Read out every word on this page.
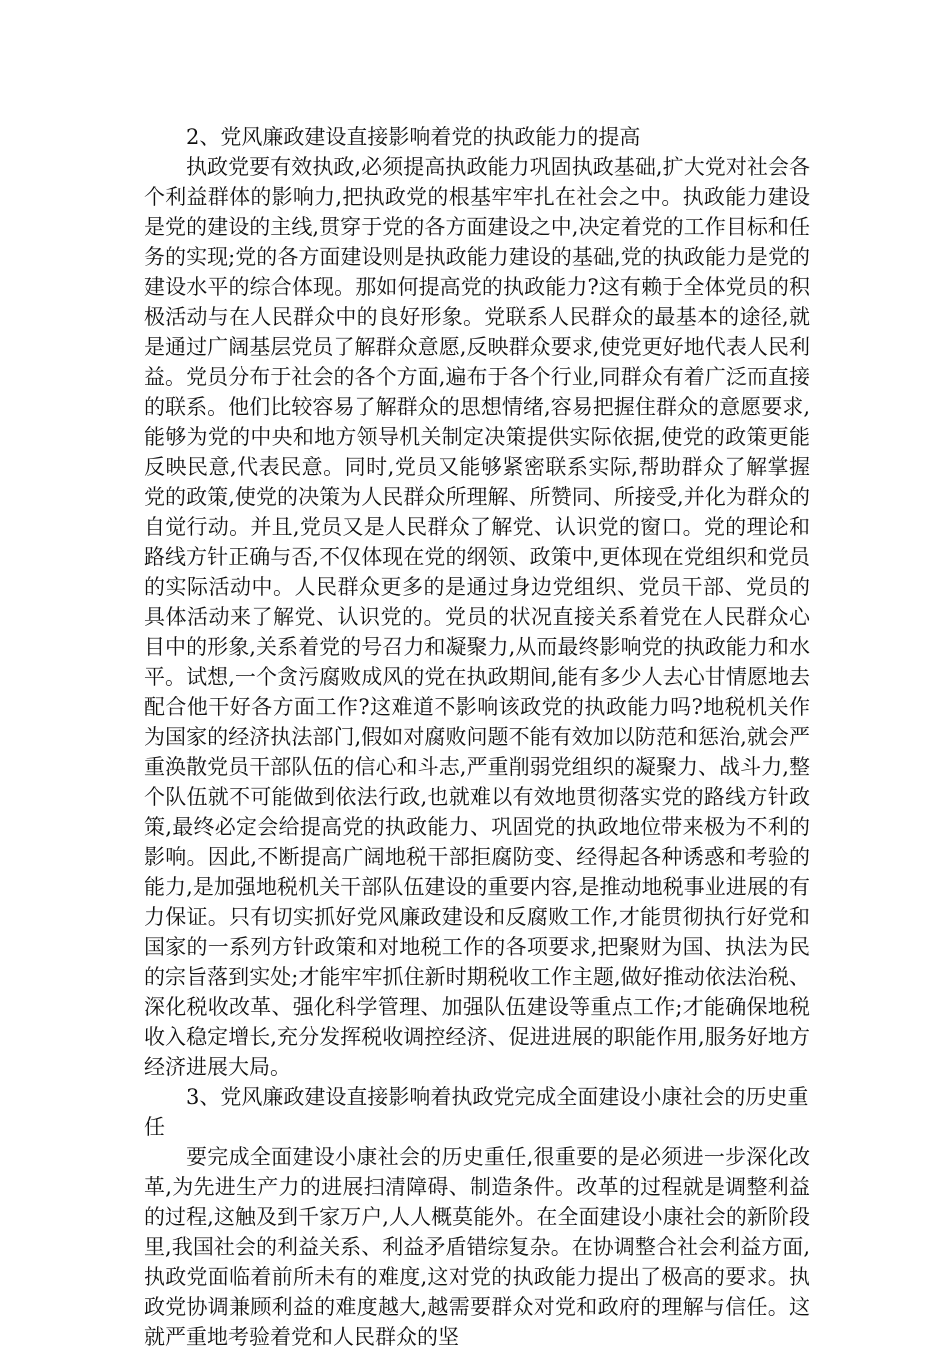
2、党风廉政建设直接影响着党的执政能力的提高

执政党要有效执政,必须提高执政能力巩固执政基础,扩大党对社会各个利益群体的影响力,把执政党的根基牢牢扎在社会之中。执政能力建设是党的建设的主线,贯穿于党的各方面建设之中,决定着党的工作目标和任务的实现;党的各方面建设则是执政能力建设的基础,党的执政能力是党的建设水平的综合体现。那如何提高党的执政能力?这有赖于全体党员的积极活动与在人民群众中的良好形象。党联系人民群众的最基本的途径,就是通过广阔基层党员了解群众意愿,反映群众要求,使党更好地代表人民利益。党员分布于社会的各个方面,遍布于各个行业,同群众有着广泛而直接的联系。他们比较容易了解群众的思想情绪,容易把握住群众的意愿要求,能够为党的中央和地方领导机关制定决策提供实际依据,使党的政策更能反映民意,代表民意。同时,党员又能够紧密联系实际,帮助群众了解掌握党的政策,使党的决策为人民群众所理解、所赞同、所接受,并化为群众的自觉行动。并且,党员又是人民群众了解党、认识党的窗口。党的理论和路线方针正确与否,不仅体现在党的纲领、政策中,更体现在党组织和党员的实际活动中。人民群众更多的是通过身边党组织、党员干部、党员的具体活动来了解党、认识党的。党员的状况直接关系着党在人民群众心目中的形象,关系着党的号召力和凝聚力,从而最终影响党的执政能力和水平。试想,一个贪污腐败成风的党在执政期间,能有多少人去心甘情愿地去配合他干好各方面工作?这难道不影响该政党的执政能力吗?地税机关作为国家的经济执法部门,假如对腐败问题不能有效加以防范和惩治,就会严重涣散党员干部队伍的信心和斗志,严重削弱党组织的凝聚力、战斗力,整个队伍就不可能做到依法行政,也就难以有效地贯彻落实党的路线方针政策,最终必定会给提高党的执政能力、巩固党的执政地位带来极为不利的影响。因此,不断提高广阔地税干部拒腐防变、经得起各种诱惑和考验的能力,是加强地税机关干部队伍建设的重要内容,是推动地税事业进展的有力保证。只有切实抓好党风廉政建设和反腐败工作,才能贯彻执行好党和国家的一系列方针政策和对地税工作的各项要求,把聚财为国、执法为民的宗旨落到实处;才能牢牢抓住新时期税收工作主题,做好推动依法治税、深化税收改革、强化科学管理、加强队伍建设等重点工作;才能确保地税收入稳定增长,充分发挥税收调控经济、促进进展的职能作用,服务好地方经济进展大局。

3、党风廉政建设直接影响着执政党完成全面建设小康社会的历史重任

要完成全面建设小康社会的历史重任,很重要的是必须进一步深化改革,为先进生产力的进展扫清障碍、制造条件。改革的过程就是调整利益的过程,这触及到千家万户,人人概莫能外。在全面建设小康社会的新阶段里,我国社会的利益关系、利益矛盾错综复杂。在协调整合社会利益方面,执政党面临着前所未有的难度,这对党的执政能力提出了极高的要求。执政党协调兼顾利益的难度越大,越需要群众对党和政府的理解与信任。这就严重地考验着党和人民群众的坚
